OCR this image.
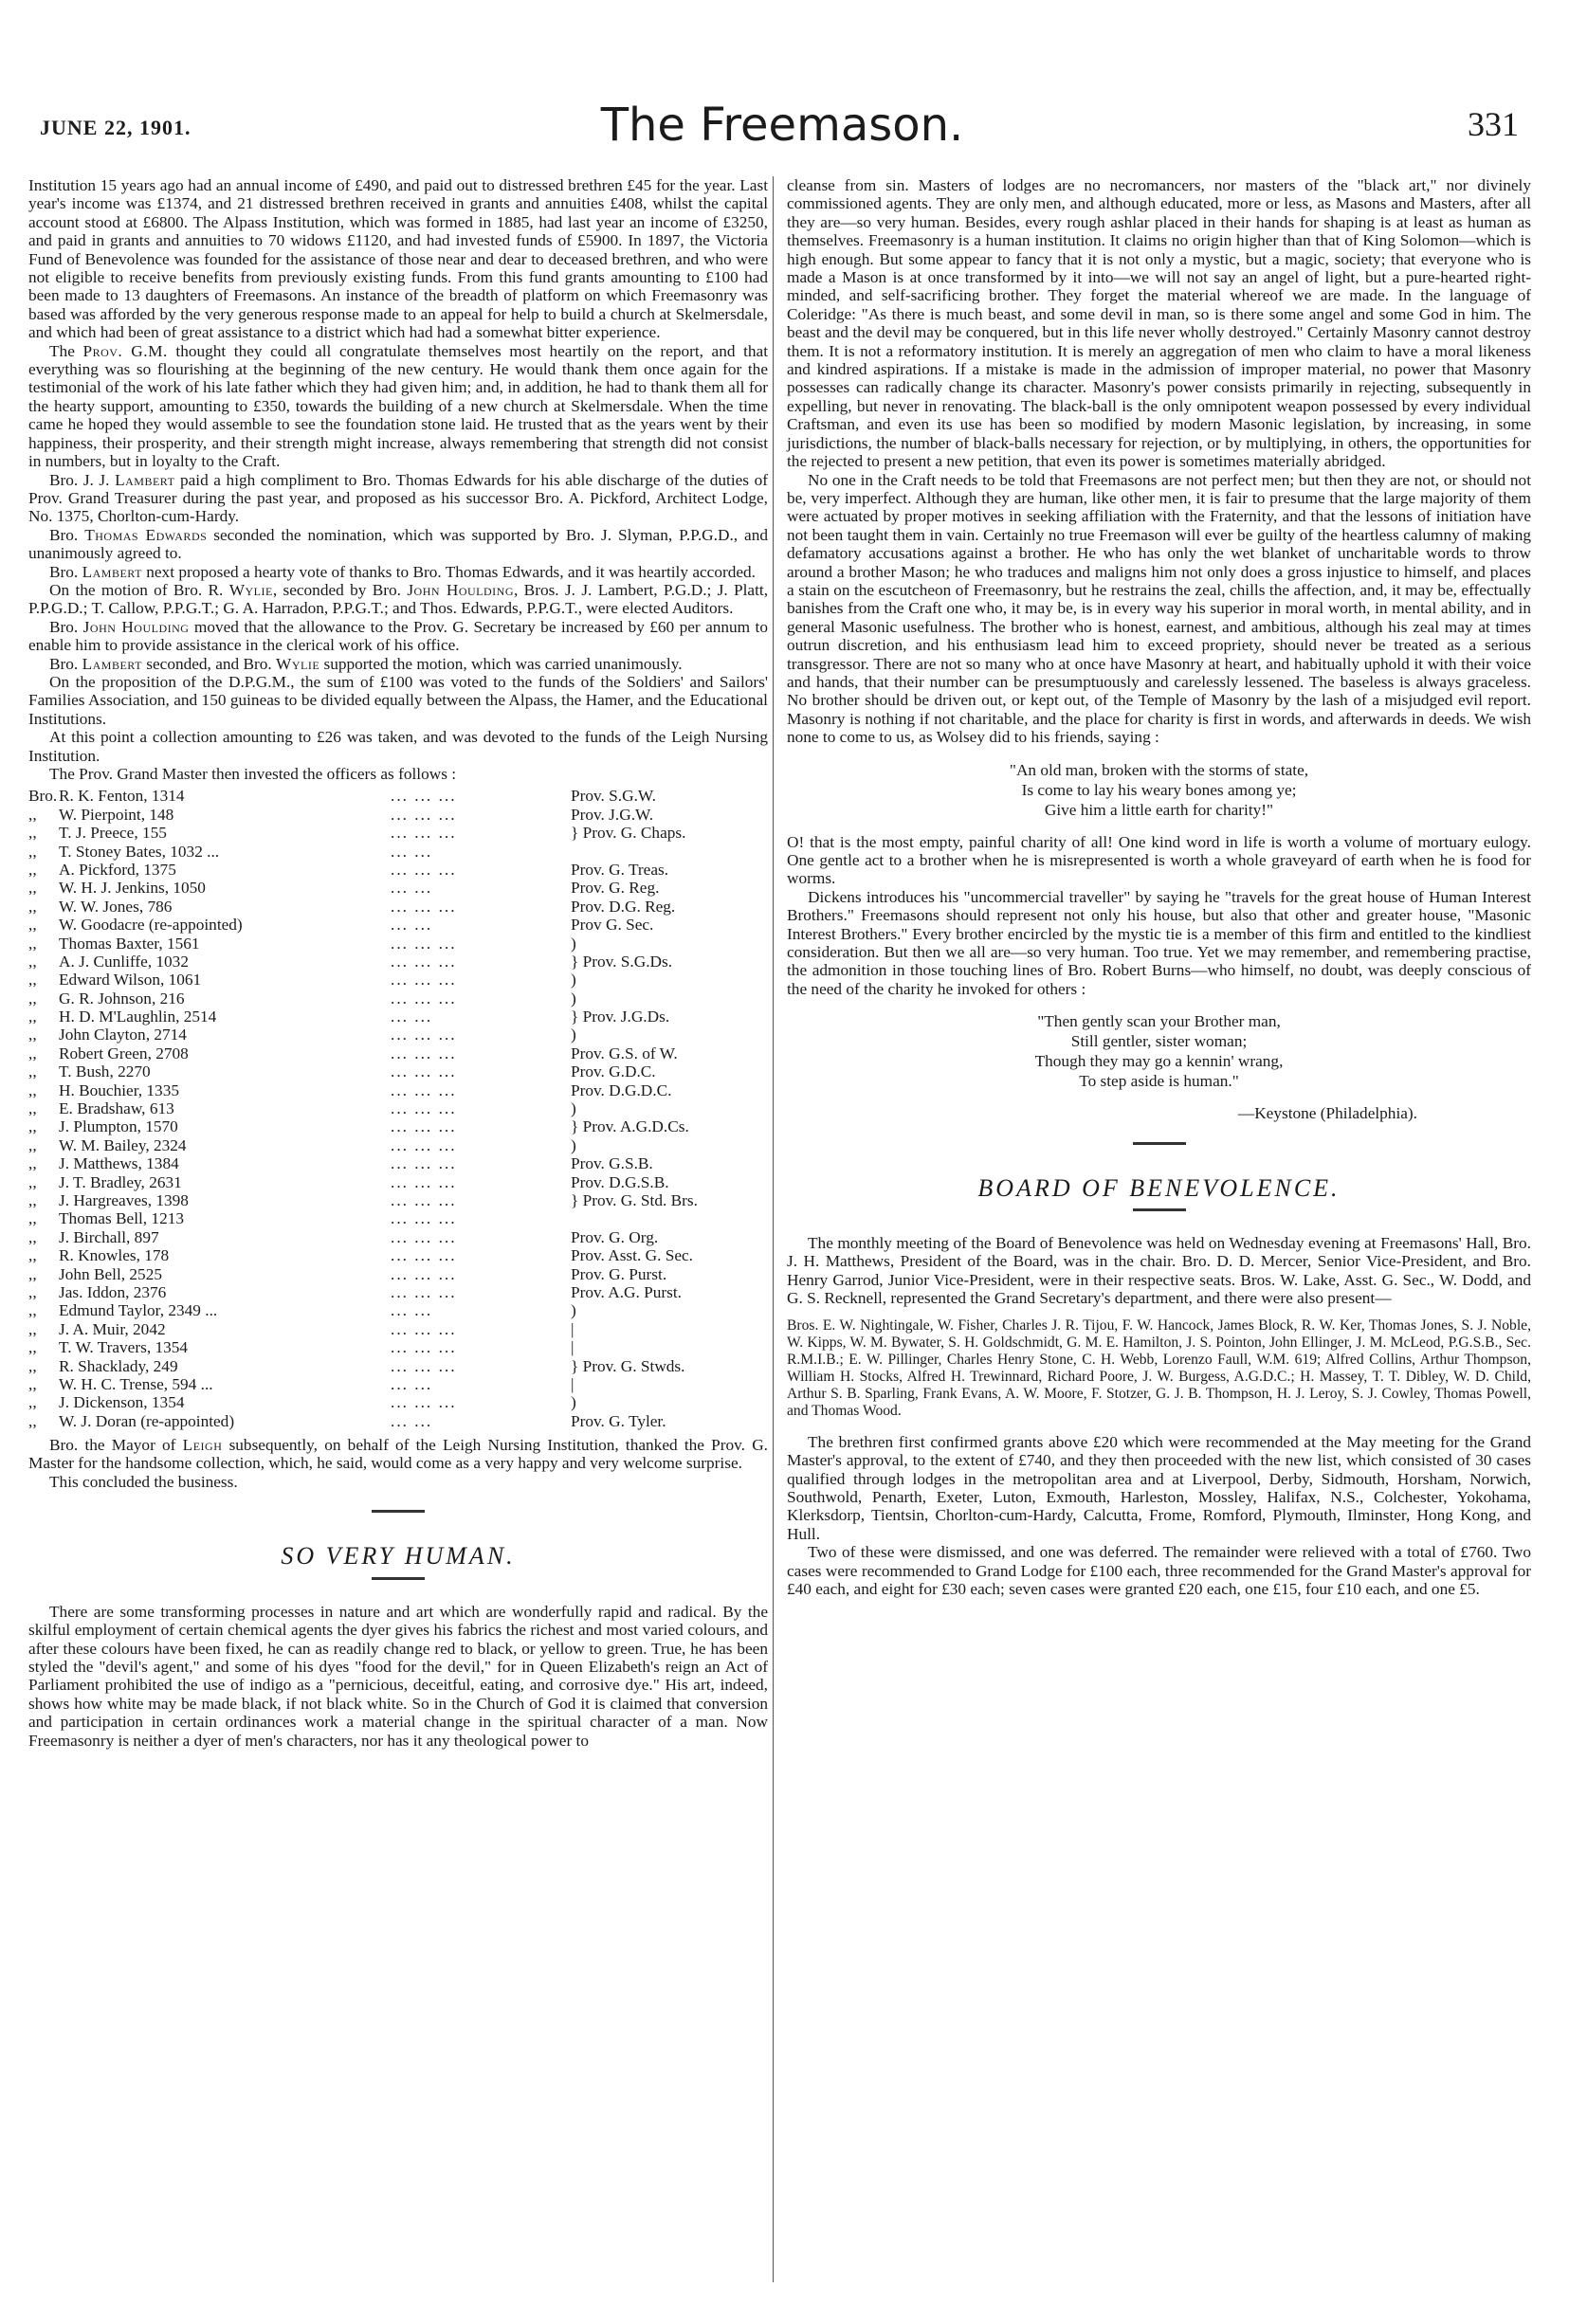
JUNE 22, 1901.	The Freemason.	331

Institution 15 years ago had an annual income of £490, and paid out to distressed brethren £45 for the year. Last year's income was £1374, and 21 distressed brethren received in grants and annuities £408, whilst the capital account stood at £6800. The Alpass Institution, which was formed in 1885, had last year an income of £3250, and paid in grants and annuities to 70 widows £1120, and had invested funds of £5900. In 1897, the Victoria Fund of Benevolence was founded for the assistance of those near and dear to deceased brethren, and who were not eligible to receive benefits from previously existing funds. From this fund grants amounting to £100 had been made to 13 daughters of Freemasons. An instance of the breadth of platform on which Freemasonry was based was afforded by the very generous response made to an appeal for help to build a church at Skelmersdale, and which had been of great assistance to a district which had had a somewhat bitter experience.

The Prov. G.M. thought they could all congratulate themselves most heartily on the report, and that everything was so flourishing at the beginning of the new century. He would thank them once again for the testimonial of the work of his late father which they had given him; and, in addition, he had to thank them all for the hearty support, amounting to £350, towards the building of a new church at Skelmersdale. When the time came he hoped they would assemble to see the foundation stone laid. He trusted that as the years went by their happiness, their prosperity, and their strength might increase, always remembering that strength did not consist in numbers, but in loyalty to the Craft.

Bro. J. J. Lambert paid a high compliment to Bro. Thomas Edwards for his able discharge of the duties of Prov. Grand Treasurer during the past year, and proposed as his successor Bro. A. Pickford, Architect Lodge, No. 1375, Chorlton-cum-Hardy.

Bro. Thomas Edwards seconded the nomination, which was supported by Bro. J. Slyman, P.P.G.D., and unanimously agreed to.

Bro. Lambert next proposed a hearty vote of thanks to Bro. Thomas Edwards, and it was heartily accorded.

On the motion of Bro. R. Wylie, seconded by Bro. John Houlding, Bros. J. J. Lambert, P.G.D.; J. Platt, P.P.G.D.; T. Callow, P.P.G.T.; G. A. Harradon, P.P.G.T.; and Thos. Edwards, P.P.G.T., were elected Auditors.

Bro. John Houlding moved that the allowance to the Prov. G. Secretary be increased by £60 per annum to enable him to provide assistance in the clerical work of his office.

Bro. Lambert seconded, and Bro. Wylie supported the motion, which was carried unanimously.

On the proposition of the D.P.G.M., the sum of £100 was voted to the funds of the Soldiers' and Sailors' Families Association, and 150 guineas to be divided equally between the Alpass, the Hamer, and the Educational Institutions.

At this point a collection amounting to £26 was taken, and was devoted to the funds of the Leigh Nursing Institution.

The Prov. Grand Master then invested the officers as follows :

Bro. R. K. Fenton, 1314	... ... ...	Prov. S.G.W.
,,	W. Pierpoint, 148	... ... ...	Prov. J.G.W.
,,	T. J. Preece, 155	... ... ...	} Prov. G. Chaps.
,,	T. Stoney Bates, 1032 ...	... ...
,,	A. Pickford, 1375	... ... ...	Prov. G. Treas.
,,	W. H. J. Jenkins, 1050	... ...	Prov. G. Reg.
,,	W. W. Jones, 786	... ... ...	Prov. D.G. Reg.
,,	W. Goodacre (re-appointed)	... ...	Prov G. Sec.
,,	Thomas Baxter, 1561	... ... ...	)
,,	A. J. Cunliffe, 1032	... ... ...	} Prov. S.G.Ds.
,,	Edward Wilson, 1061	... ... ...	)
,,	G. R. Johnson, 216	... ... ...	)
,,	H. D. M'Laughlin, 2514	... ...	} Prov. J.G.Ds.
,,	John Clayton, 2714	... ... ...	)
,,	Robert Green, 2708	... ... ...	Prov. G.S. of W.
,,	T. Bush, 2270	... ... ...	Prov. G.D.C.
,,	H. Bouchier, 1335	... ... ...	Prov. D.G.D.C.
,,	E. Bradshaw, 613	... ... ...	)
,,	J. Plumpton, 1570	... ... ...	} Prov. A.G.D.Cs.
,,	W. M. Bailey, 2324	... ... ...	)
,,	J. Matthews, 1384	... ... ...	Prov. G.S.B.
,,	J. T. Bradley, 2631	... ... ...	Prov. D.G.S.B.
,,	J. Hargreaves, 1398	... ... ...	} Prov. G. Std. Brs.
,,	Thomas Bell, 1213	... ... ...
,,	J. Birchall, 897	... ... ...	Prov. G. Org.
,,	R. Knowles, 178	... ... ...	Prov. Asst. G. Sec.
,,	John Bell, 2525	... ... ...	Prov. G. Purst.
,,	Jas. Iddon, 2376	... ... ...	Prov. A.G. Purst.
,,	Edmund Taylor, 2349 ...	... ...	)
,,	J. A. Muir, 2042	... ... ...	|
,,	T. W. Travers, 1354	... ... ...	|
,,	R. Shacklady, 249	... ... ...	} Prov. G. Stwds.
,,	W. H. C. Trense, 594 ...	... ...	|
,,	J. Dickenson, 1354	... ... ...	)
,,	W. J. Doran (re-appointed)	... ...	Prov. G. Tyler.

Bro. the Mayor of Leigh subsequently, on behalf of the Leigh Nursing Institution, thanked the Prov. G. Master for the handsome collection, which, he said, would come as a very happy and very welcome surprise.

This concluded the business.

SO VERY HUMAN.

There are some transforming processes in nature and art which are wonderfully rapid and radical. By the skilful employment of certain chemical agents the dyer gives his fabrics the richest and most varied colours, and after these colours have been fixed, he can as readily change red to black, or yellow to green. True, he has been styled the "devil's agent," and some of his dyes "food for the devil," for in Queen Elizabeth's reign an Act of Parliament prohibited the use of indigo as a "pernicious, deceitful, eating, and corrosive dye." His art, indeed, shows how white may be made black, if not black white. So in the Church of God it is claimed that conversion and participation in certain ordinances work a material change in the spiritual character of a man. Now Freemasonry is neither a dyer of men's characters, nor has it any theological power to

cleanse from sin. Masters of lodges are no necromancers, nor masters of the "black art," nor divinely commissioned agents. They are only men, and although educated, more or less, as Masons and Masters, after all they are—so very human. Besides, every rough ashlar placed in their hands for shaping is at least as human as themselves. Freemasonry is a human institution. It claims no origin higher than that of King Solomon—which is high enough. But some appear to fancy that it is not only a mystic, but a magic, society; that everyone who is made a Mason is at once transformed by it into—we will not say an angel of light, but a pure-hearted right-minded, and self-sacrificing brother. They forget the material whereof we are made. In the language of Coleridge: "As there is much beast, and some devil in man, so is there some angel and some God in him. The beast and the devil may be conquered, but in this life never wholly destroyed." Certainly Masonry cannot destroy them. It is not a reformatory institution. It is merely an aggregation of men who claim to have a moral likeness and kindred aspirations. If a mistake is made in the admission of improper material, no power that Masonry possesses can radically change its character. Masonry's power consists primarily in rejecting, subsequently in expelling, but never in renovating. The black-ball is the only omnipotent weapon possessed by every individual Craftsman, and even its use has been so modified by modern Masonic legislation, by increasing, in some jurisdictions, the number of black-balls necessary for rejection, or by multiplying, in others, the opportunities for the rejected to present a new petition, that even its power is sometimes materially abridged.

No one in the Craft needs to be told that Freemasons are not perfect men; but then they are not, or should not be, very imperfect. Although they are human, like other men, it is fair to presume that the large majority of them were actuated by proper motives in seeking affiliation with the Fraternity, and that the lessons of initiation have not been taught them in vain. Certainly no true Freemason will ever be guilty of the heartless calumny of making defamatory accusations against a brother. He who has only the wet blanket of uncharitable words to throw around a brother Mason; he who traduces and maligns him not only does a gross injustice to himself, and places a stain on the escutcheon of Freemasonry, but he restrains the zeal, chills the affection, and, it may be, effectually banishes from the Craft one who, it may be, is in every way his superior in moral worth, in mental ability, and in general Masonic usefulness. The brother who is honest, earnest, and ambitious, although his zeal may at times outrun discretion, and his enthusiasm lead him to exceed propriety, should never be treated as a serious transgressor. There are not so many who at once have Masonry at heart, and habitually uphold it with their voice and hands, that their number can be presumptuously and carelessly lessened. The baseless is always graceless. No brother should be driven out, or kept out, of the Temple of Masonry by the lash of a misjudged evil report. Masonry is nothing if not charitable, and the place for charity is first in words, and afterwards in deeds. We wish none to come to us, as Wolsey did to his friends, saying :

"An old man, broken with the storms of state,
Is come to lay his weary bones among ye;
Give him a little earth for charity!"

O! that is the most empty, painful charity of all! One kind word in life is worth a volume of mortuary eulogy. One gentle act to a brother when he is misrepresented is worth a whole graveyard of earth when he is food for worms.

Dickens introduces his "uncommercial traveller" by saying he "travels for the great house of Human Interest Brothers." Freemasons should represent not only his house, but also that other and greater house, "Masonic Interest Brothers." Every brother encircled by the mystic tie is a member of this firm and entitled to the kindliest consideration. But then we all are—so very human. Too true. Yet we may remember, and remembering practise, the admonition in those touching lines of Bro. Robert Burns—who himself, no doubt, was deeply conscious of the need of the charity he invoked for others :

"Then gently scan your Brother man,
Still gentler, sister woman;
Though they may go a kennin' wrang,
To step aside is human."
—Keystone (Philadelphia).
BOARD OF BENEVOLENCE.

The monthly meeting of the Board of Benevolence was held on Wednesday evening at Freemasons' Hall, Bro. J. H. Matthews, President of the Board, was in the chair. Bro. D. D. Mercer, Senior Vice-President, and Bro. Henry Garrod, Junior Vice-President, were in their respective seats. Bros. W. Lake, Asst. G. Sec., W. Dodd, and G. S. Recknell, represented the Grand Secretary's department, and there were also present—

Bros. E. W. Nightingale, W. Fisher, Charles J. R. Tijou, F. W. Hancock, James Block, R. W. Ker, Thomas Jones, S. J. Noble, W. Kipps, W. M. Bywater, S. H. Goldschmidt, G. M. E. Hamilton, J. S. Pointon, John Ellinger, J. M. McLeod, P.G.S.B., Sec. R.M.I.B.; E. W. Pillinger, Charles Henry Stone, C. H. Webb, Lorenzo Faull, W.M. 619; Alfred Collins, Arthur Thompson, William H. Stocks, Alfred H. Trewinnard, Richard Poore, J. W. Burgess, A.G.D.C.; H. Massey, T. T. Dibley, W. D. Child, Arthur S. B. Sparling, Frank Evans, A. W. Moore, F. Stotzer, G. J. B. Thompson, H. J. Leroy, S. J. Cowley, Thomas Powell, and Thomas Wood.

The brethren first confirmed grants above £20 which were recommended at the May meeting for the Grand Master's approval, to the extent of £740, and they then proceeded with the new list, which consisted of 30 cases qualified through lodges in the metropolitan area and at Liverpool, Derby, Sidmouth, Horsham, Norwich, Southwold, Penarth, Exeter, Luton, Exmouth, Harleston, Mossley, Halifax, N.S., Colchester, Yokohama, Klerksdorp, Tientsin, Chorlton-cum-Hardy, Calcutta, Frome, Romford, Plymouth, Ilminster, Hong Kong, and Hull.

Two of these were dismissed, and one was deferred. The remainder were relieved with a total of £760. Two cases were recommended to Grand Lodge for £100 each, three recommended for the Grand Master's approval for £40 each, and eight for £30 each; seven cases were granted £20 each, one £15, four £10 each, and one £5.
